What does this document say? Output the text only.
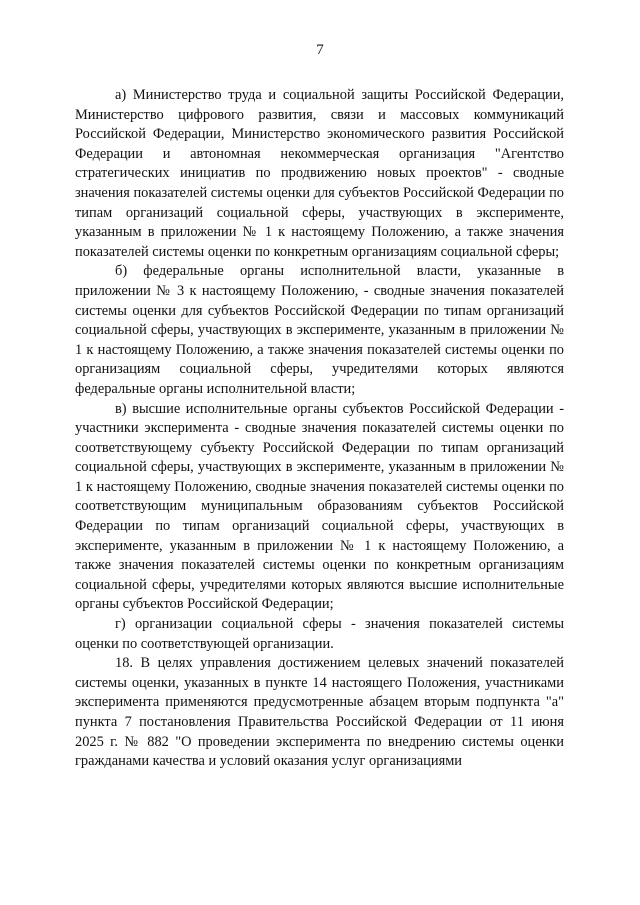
7

а) Министерство труда и социальной защиты Российской Федерации, Министерство цифрового развития, связи и массовых коммуникаций Российской Федерации, Министерство экономического развития Российской Федерации и автономная некоммерческая организация "Агентство стратегических инициатив по продвижению новых проектов" - сводные значения показателей системы оценки для субъектов Российской Федерации по типам организаций социальной сферы, участвующих в эксперименте, указанным в приложении № 1 к настоящему Положению, а также значения показателей системы оценки по конкретным организациям социальной сферы;

б) федеральные органы исполнительной власти, указанные в приложении № 3 к настоящему Положению, - сводные значения показателей системы оценки для субъектов Российской Федерации по типам организаций социальной сферы, участвующих в эксперименте, указанным в приложении № 1 к настоящему Положению, а также значения показателей системы оценки по организациям социальной сферы, учредителями которых являются федеральные органы исполнительной власти;

в) высшие исполнительные органы субъектов Российской Федерации - участники эксперимента - сводные значения показателей системы оценки по соответствующему субъекту Российской Федерации по типам организаций социальной сферы, участвующих в эксперименте, указанным в приложении № 1 к настоящему Положению, сводные значения показателей системы оценки по соответствующим муниципальным образованиям субъектов Российской Федерации по типам организаций социальной сферы, участвующих в эксперименте, указанным в приложении № 1 к настоящему Положению, а также значения показателей системы оценки по конкретным организациям социальной сферы, учредителями которых являются высшие исполнительные органы субъектов Российской Федерации;

г) организации социальной сферы - значения показателей системы оценки по соответствующей организации.

18. В целях управления достижением целевых значений показателей системы оценки, указанных в пункте 14 настоящего Положения, участниками эксперимента применяются предусмотренные абзацем вторым подпункта "а" пункта 7 постановления Правительства Российской Федерации от 11 июня 2025 г. № 882 "О проведении эксперимента по внедрению системы оценки гражданами качества и условий оказания услуг организациями
